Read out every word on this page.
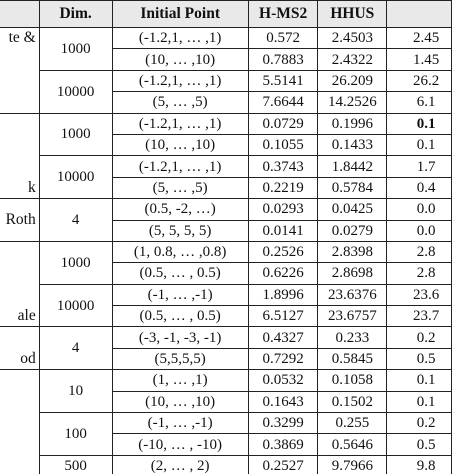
	Dim.	Initial Point	H-MS2	HHUS	

te &	1000	(-1.2,1, … ,1)	0.572	2.4503	2.45
		(10, … ,10)	0.7883	2.4322	1.45
	10000	(-1.2,1, … ,1)	5.5141	26.209	26.2
		(5, … ,5)	7.6644	14.2526	6.1

k	1000	(-1.2,1, … ,1)	0.0729	0.1996	0.1
		(10, … ,10)	0.1055	0.1433	0.1
	10000	(-1.2,1, … ,1)	0.3743	1.8442	1.7
		(5, … ,5)	0.2219	0.5784	0.4

Roth	4	(0.5, -2, …)	0.0293	0.0425	0.0
		(5, 5, 5, 5)	0.0141	0.0279	0.0

ale	1000	(1, 0.8, … ,0.8)	0.2526	2.8398	2.8
		(0.5, … , 0.5)	0.6226	2.8698	2.8
	10000	(-1, … ,-1)	1.8996	23.6376	23.6
		(0.5, … , 0.5)	6.5127	23.6757	23.7

od	4	(-3, -1, -3, -1)	0.4327	0.233	0.2
		(5,5,5,5)	0.7292	0.5845	0.5

	10	(1, … ,1)	0.0532	0.1058	0.1
		(10, … ,10)	0.1643	0.1502	0.1
	100	(-1, … ,-1)	0.3299	0.255	0.2
		(-10, … , -10)	0.3869	0.5646	0.5
	500	(2, … , 2)	0.2527	9.7966	9.8
